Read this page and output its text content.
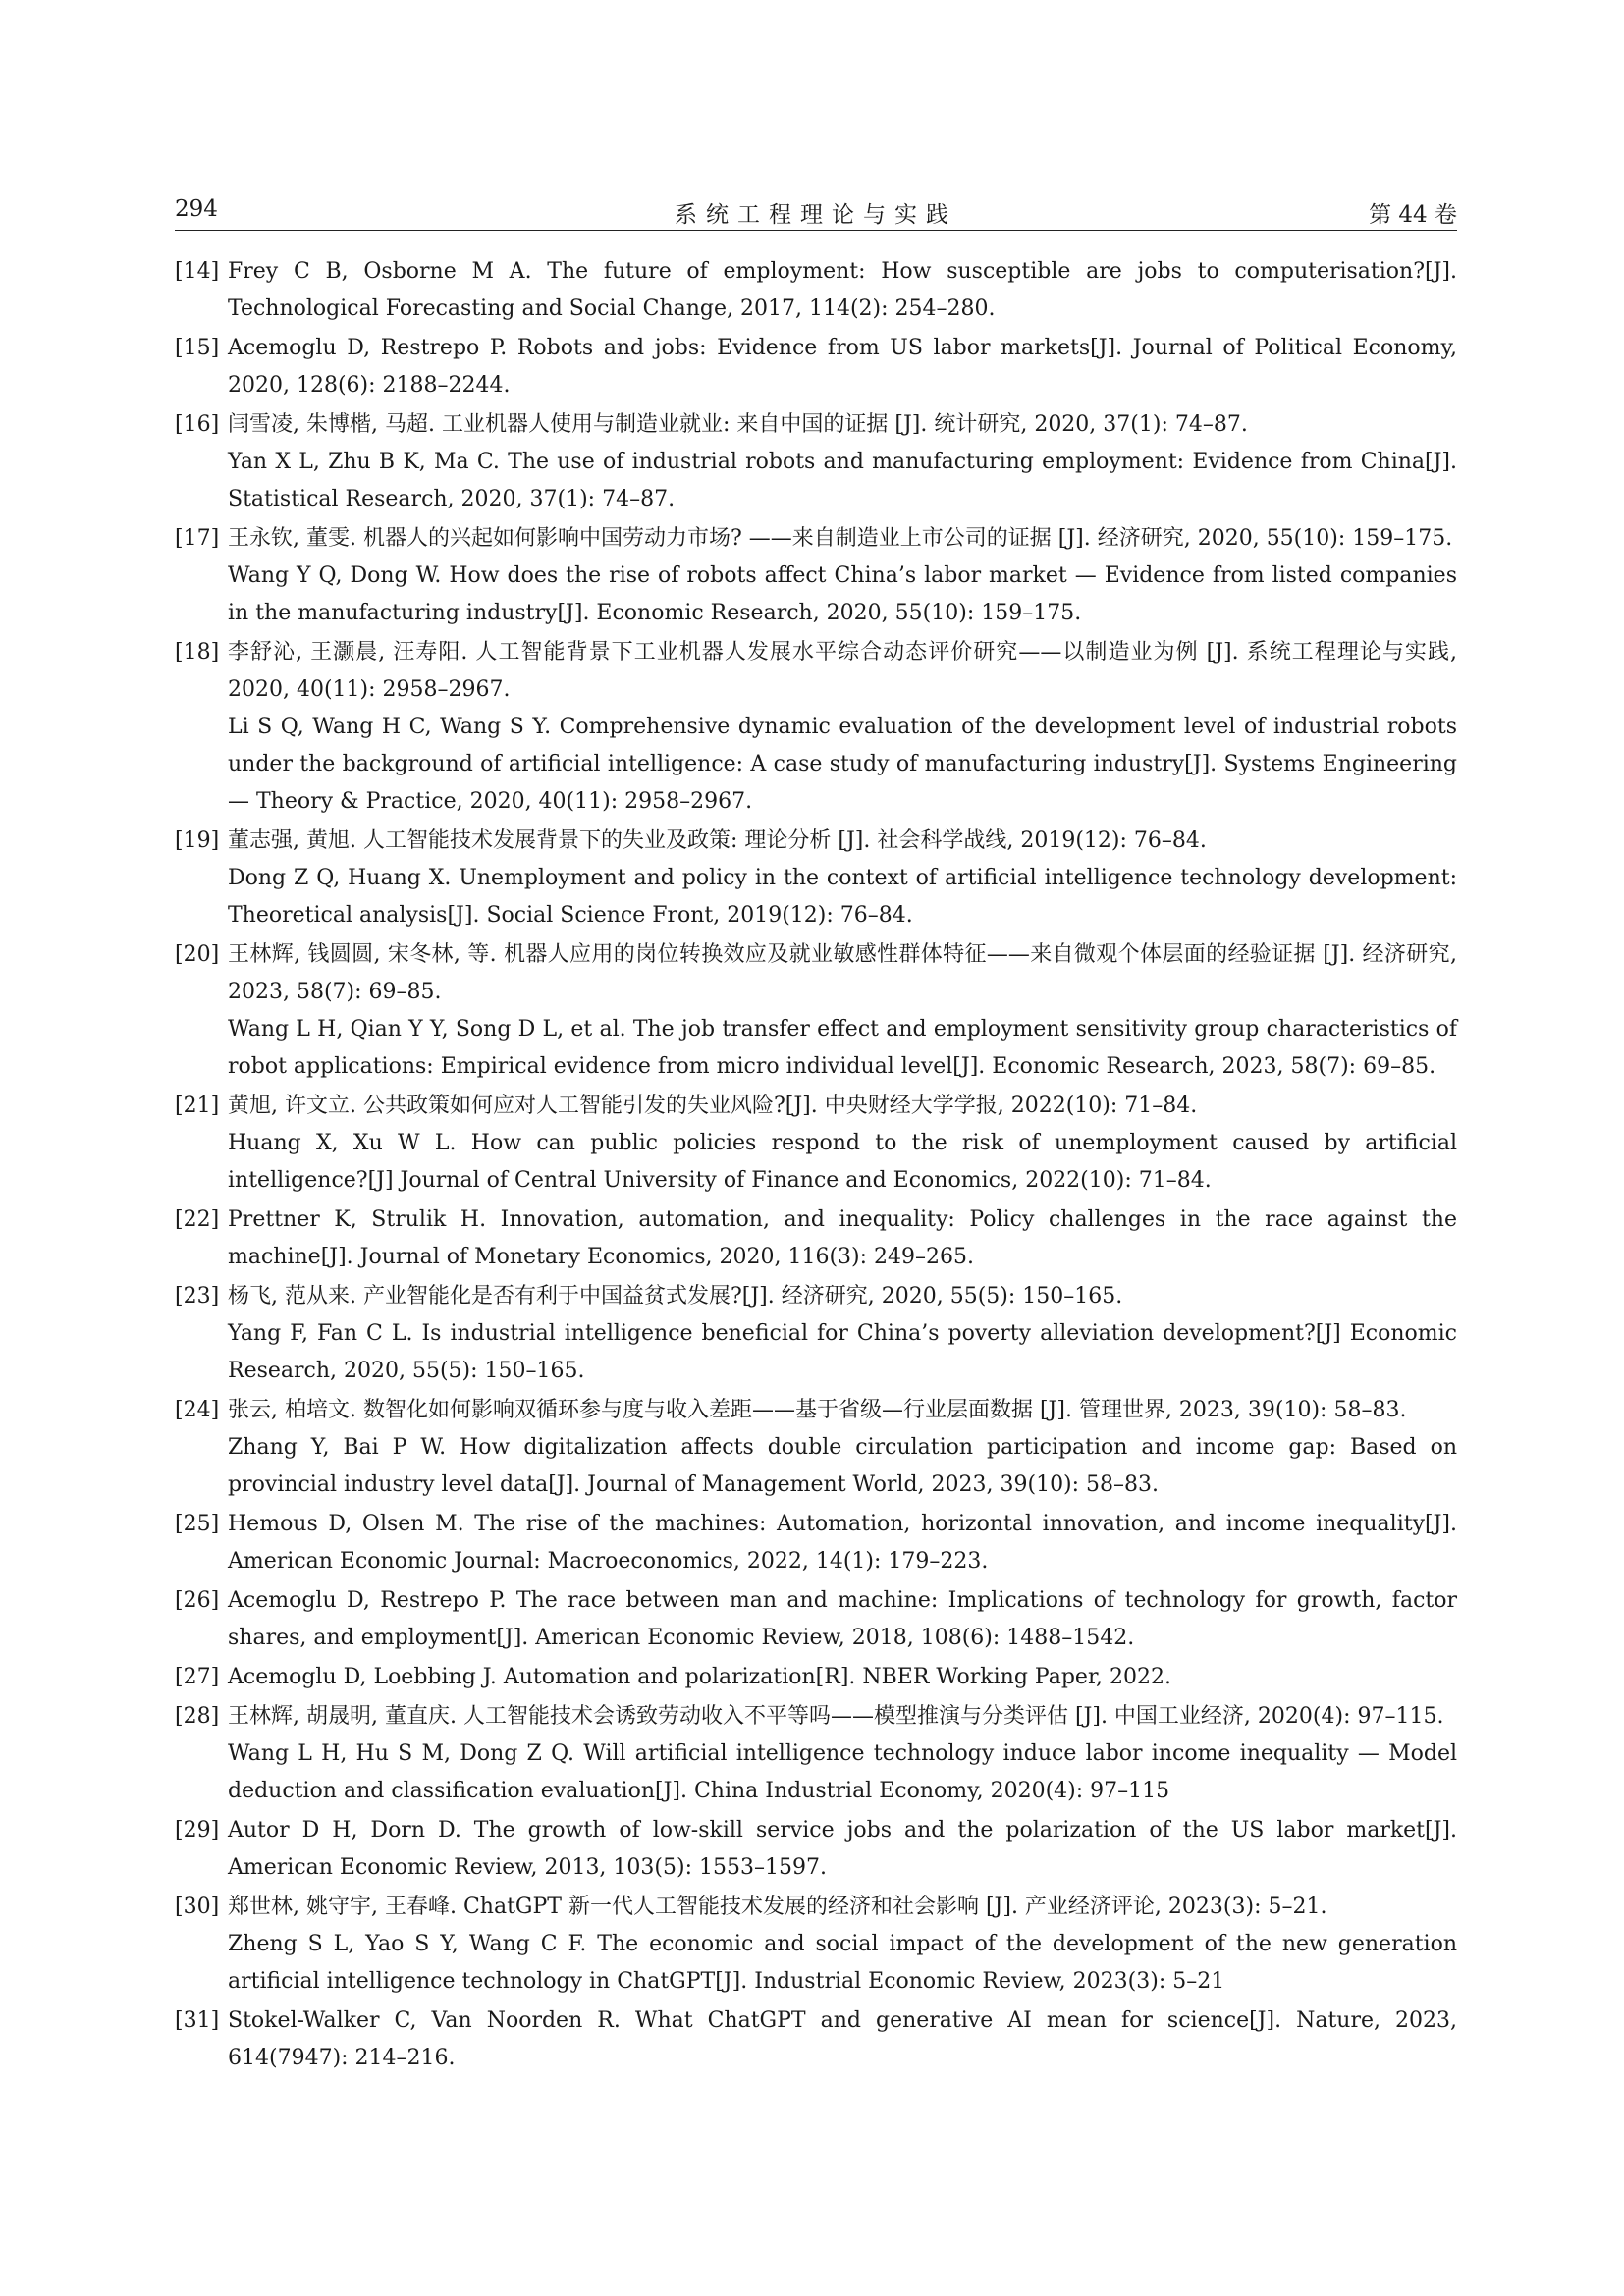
294	系统工程理论与实践	第 44 卷
[14] Frey C B, Osborne M A. The future of employment: How susceptible are jobs to computerisation?[J]. Technological Forecasting and Social Change, 2017, 114(2): 254–280.
[15] Acemoglu D, Restrepo P. Robots and jobs: Evidence from US labor markets[J]. Journal of Political Economy, 2020, 128(6): 2188–2244.
[16] 闫雪凌, 朱博楷, 马超. 工业机器人使用与制造业就业: 来自中国的证据 [J]. 统计研究, 2020, 37(1): 74–87.
Yan X L, Zhu B K, Ma C. The use of industrial robots and manufacturing employment: Evidence from China[J]. Statistical Research, 2020, 37(1): 74–87.
[17] 王永钦, 董雯. 机器人的兴起如何影响中国劳动力市场? ——来自制造业上市公司的证据 [J]. 经济研究, 2020, 55(10): 159–175.
Wang Y Q, Dong W. How does the rise of robots affect China’s labor market — Evidence from listed companies in the manufacturing industry[J]. Economic Research, 2020, 55(10): 159–175.
[18] 李舒沁, 王灏晨, 汪寿阳. 人工智能背景下工业机器人发展水平综合动态评价研究——以制造业为例 [J]. 系统工程理论与实践, 2020, 40(11): 2958–2967.
Li S Q, Wang H C, Wang S Y. Comprehensive dynamic evaluation of the development level of industrial robots under the background of artificial intelligence: A case study of manufacturing industry[J]. Systems Engineering — Theory & Practice, 2020, 40(11): 2958–2967.
[19] 董志强, 黄旭. 人工智能技术发展背景下的失业及政策: 理论分析 [J]. 社会科学战线, 2019(12): 76–84.
Dong Z Q, Huang X. Unemployment and policy in the context of artificial intelligence technology development: Theoretical analysis[J]. Social Science Front, 2019(12): 76–84.
[20] 王林辉, 钱圆圆, 宋冬林, 等. 机器人应用的岗位转换效应及就业敏感性群体特征——来自微观个体层面的经验证据 [J]. 经济研究, 2023, 58(7): 69–85.
Wang L H, Qian Y Y, Song D L, et al. The job transfer effect and employment sensitivity group characteristics of robot applications: Empirical evidence from micro individual level[J]. Economic Research, 2023, 58(7): 69–85.
[21] 黄旭, 许文立. 公共政策如何应对人工智能引发的失业风险?[J]. 中央财经大学学报, 2022(10): 71–84.
Huang X, Xu W L. How can public policies respond to the risk of unemployment caused by artificial intelligence?[J] Journal of Central University of Finance and Economics, 2022(10): 71–84.
[22] Prettner K, Strulik H. Innovation, automation, and inequality: Policy challenges in the race against the machine[J]. Journal of Monetary Economics, 2020, 116(3): 249–265.
[23] 杨飞, 范从来. 产业智能化是否有利于中国益贫式发展?[J]. 经济研究, 2020, 55(5): 150–165.
Yang F, Fan C L. Is industrial intelligence beneficial for China’s poverty alleviation development?[J] Economic Research, 2020, 55(5): 150–165.
[24] 张云, 柏培文. 数智化如何影响双循环参与度与收入差距——基于省级—行业层面数据 [J]. 管理世界, 2023, 39(10): 58–83.
Zhang Y, Bai P W. How digitalization affects double circulation participation and income gap: Based on provincial industry level data[J]. Journal of Management World, 2023, 39(10): 58–83.
[25] Hemous D, Olsen M. The rise of the machines: Automation, horizontal innovation, and income inequality[J]. American Economic Journal: Macroeconomics, 2022, 14(1): 179–223.
[26] Acemoglu D, Restrepo P. The race between man and machine: Implications of technology for growth, factor shares, and employment[J]. American Economic Review, 2018, 108(6): 1488–1542.
[27] Acemoglu D, Loebbing J. Automation and polarization[R]. NBER Working Paper, 2022.
[28] 王林辉, 胡晟明, 董直庆. 人工智能技术会诱致劳动收入不平等吗——模型推演与分类评估 [J]. 中国工业经济, 2020(4): 97–115.
Wang L H, Hu S M, Dong Z Q. Will artificial intelligence technology induce labor income inequality — Model deduction and classification evaluation[J]. China Industrial Economy, 2020(4): 97–115
[29] Autor D H, Dorn D. The growth of low-skill service jobs and the polarization of the US labor market[J]. American Economic Review, 2013, 103(5): 1553–1597.
[30] 郑世林, 姚守宇, 王春峰. ChatGPT 新一代人工智能技术发展的经济和社会影响 [J]. 产业经济评论, 2023(3): 5–21.
Zheng S L, Yao S Y, Wang C F. The economic and social impact of the development of the new generation artificial intelligence technology in ChatGPT[J]. Industrial Economic Review, 2023(3): 5–21
[31] Stokel-Walker C, Van Noorden R. What ChatGPT and generative AI mean for science[J]. Nature, 2023, 614(7947): 214–216.
